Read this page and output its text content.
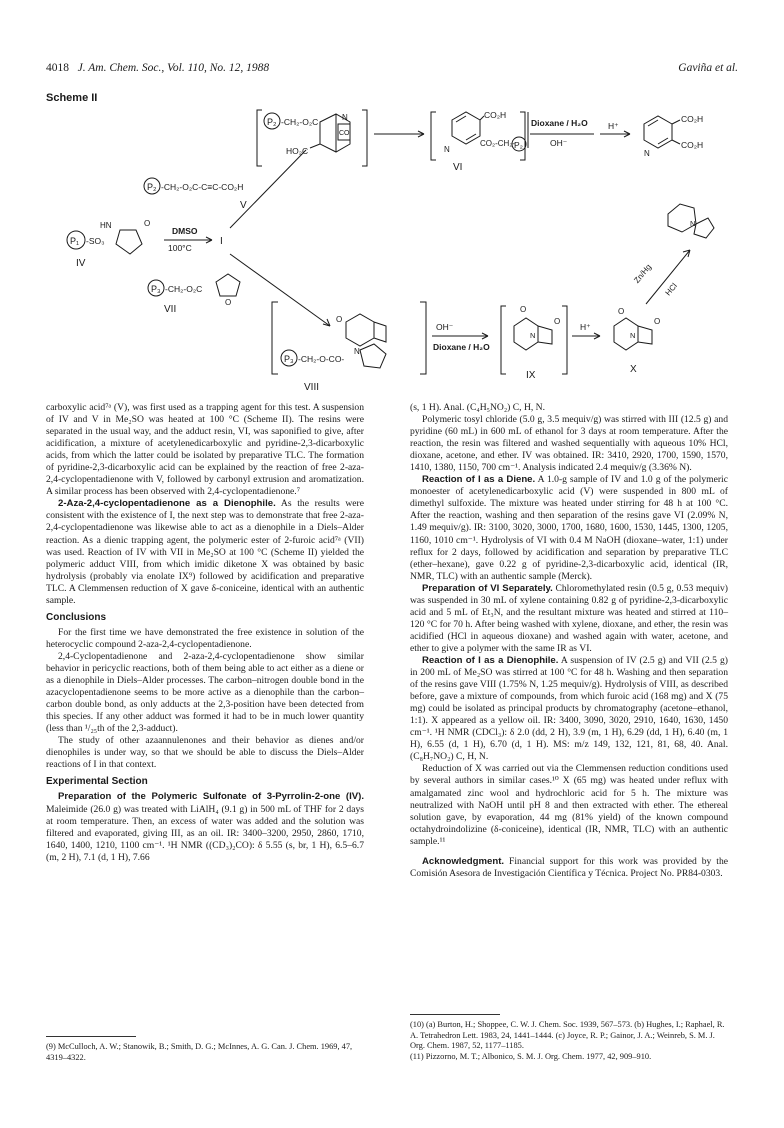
4018 J. Am. Chem. Soc., Vol. 110, No. 12, 1988	Gaviña et al.
Scheme II
P₂ -CH₂-O₂C	N
CO
HO₂C
CO₂H
N
CO₂-CH₂-
P₂
VI
Dioxane / H₂O
OH⁻
H⁺
CO₂H
CO₂H
N
P₂ -CH₂-O₂C-C≡C-CO₂H
V
P₁ -SO₃
HN	O
IV
DMSO
100°C
I
P₃ -CH₂-O₂C
O
VII
O
N
P₃ -CH₂-O-CO-
VIII
OH⁻
Dioxane / H₂O
O
N
O
IX
H⁺
O
N
O
X
Zn/Hg
HCl
N

carboxylic acid⁷ᵃ (V), was first used as a trapping agent for this test. A suspension of IV and V in Me₂SO was heated at 100 °C (Scheme II). The resins were separated in the usual way, and the adduct resin, VI, was saponified to give, after acidification, a mixture of acetylenedicarboxylic and pyridine-2,3-dicarboxylic acids, from which the latter could be isolated by preparative TLC. The formation of pyridine-2,3-dicarboxylic acid can be explained by the reaction of free 2-aza-2,4-cyclopentadienone with V, followed by carbonyl extrusion and aromatization. A similar process has been observed with 2,4-cyclopentadienone.⁷

2-Aza-2,4-cyclopentadienone as a Dienophile. As the results were consistent with the existence of I, the next step was to demonstrate that free 2-aza-2,4-cyclopentadienone was likewise able to act as a dienophile in a Diels–Alder reaction. As a dienic trapping agent, the polymeric ester of 2-furoic acid⁷ᵃ (VII) was used. Reaction of IV with VII in Me₂SO at 100 °C (Scheme II) yielded the polymeric adduct VIII, from which imidic diketone X was obtained by basic hydrolysis (probably via enolate IX⁹) followed by acidification and preparative TLC. A Clemmensen reduction of X gave δ-coniceine, identical with an authentic sample.

Conclusions

For the first time we have demonstrated the free existence in solution of the heterocyclic compound 2-aza-2,4-cyclopentadienone.

2,4-Cyclopentadienone and 2-aza-2,4-cyclopentadienone show similar behavior in pericyclic reactions, both of them being able to act either as a diene or as a dienophile in Diels–Alder processes. The carbon–nitrogen double bond in the azacyclopentadienone seems to be more active as a dienophile than the carbon–carbon double bond, as only adducts at the 2,3-position have been detected from this species. If any other adduct was formed it had to be in much lower quantity (less than ¹/₂₅th of the 2,3-adduct).

The study of other azaannulenones and their behavior as dienes and/or dienophiles is under way, so that we should be able to discuss the Diels–Alder reactions of I in that context.

Experimental Section

Preparation of the Polymeric Sulfonate of 3-Pyrrolin-2-one (IV). Maleimide (26.0 g) was treated with LiAlH₄ (9.1 g) in 500 mL of THF for 2 days at room temperature. Then, an excess of water was added and the solution was filtered and evaporated, giving III, as an oil. IR: 3400–3200, 2950, 2860, 1710, 1640, 1400, 1210, 1100 cm⁻¹. ¹H NMR ((CD₃)₂CO): δ 5.55 (s, br, 1 H), 6.5–6.7 (m, 2 H), 7.1 (d, 1 H), 7.66

(9) McCulloch, A. W.; Stanowik, B.; Smith, D. G.; McInnes, A. G. Can. J. Chem. 1969, 47, 4319–4322.

(s, 1 H). Anal. (C₄H₅NO₂) C, H, N.

Polymeric tosyl chloride (5.0 g, 3.5 mequiv/g) was stirred with III (12.5 g) and pyridine (60 mL) in 600 mL of ethanol for 3 days at room temperature. After the reaction, the resin was filtered and washed sequentially with aqueous 10% HCl, dioxane, acetone, and ether. IV was obtained. IR: 3410, 2920, 1700, 1590, 1570, 1410, 1380, 1150, 700 cm⁻¹. Analysis indicated 2.4 mequiv/g (3.36% N).

Reaction of I as a Diene. A 1.0-g sample of IV and 1.0 g of the polymeric monoester of acetylenedicarboxylic acid (V) were suspended in 800 mL of dimethyl sulfoxide. The mixture was heated under stirring for 48 h at 100 °C. After the reaction, washing and then separation of the resins gave VI (2.09% N, 1.49 mequiv/g). IR: 3100, 3020, 3000, 1700, 1680, 1600, 1530, 1445, 1300, 1205, 1160, 1010 cm⁻¹. Hydrolysis of VI with 0.4 M NaOH (dioxane–water, 1:1) under reflux for 2 days, followed by acidification and separation by preparative TLC (ether–hexane), gave 0.22 g of pyridine-2,3-dicarboxylic acid, identical (IR, NMR, TLC) with an authentic sample (Merck).

Preparation of VI Separately. Chloromethylated resin (0.5 g, 0.53 mequiv) was suspended in 30 mL of xylene containing 0.82 g of pyridine-2,3-dicarboxylic acid and 5 mL of Et₃N, and the resultant mixture was heated and stirred at 110–120 °C for 70 h. After being washed with xylene, dioxane, and ether, the resin was acidified (HCl in aqueous dioxane) and washed again with water, acetone, and ether to give a polymer with the same IR as VI.

Reaction of I as a Dienophile. A suspension of IV (2.5 g) and VII (2.5 g) in 200 mL of Me₂SO was stirred at 100 °C for 48 h. Washing and then separation of the resins gave VIII (1.75% N, 1.25 mequiv/g). Hydrolysis of VIII, as described before, gave a mixture of compounds, from which furoic acid (168 mg) and X (75 mg) could be isolated as principal products by chromatography (acetone–ethanol, 1:1). X appeared as a yellow oil. IR: 3400, 3090, 3020, 2910, 1640, 1630, 1450 cm⁻¹. ¹H NMR (CDCl₃): δ 2.0 (dd, 2 H), 3.9 (m, 1 H), 6.29 (dd, 1 H), 6.40 (m, 1 H), 6.55 (d, 1 H), 6.70 (d, 1 H). MS: m/z 149, 132, 121, 81, 68, 40. Anal. (C₈H₇NO₂) C, H, N.

Reduction of X was carried out via the Clemmensen reduction conditions used by several authors in similar cases.¹⁰ X (65 mg) was heated under reflux with amalgamated zinc wool and hydrochloric acid for 5 h. The mixture was neutralized with NaOH until pH 8 and then extracted with ether. The ethereal solution gave, by evaporation, 44 mg (81% yield) of the known compound octahydroindolizine (δ-coniceine), identical (IR, NMR, TLC) with an authentic sample.¹¹

Acknowledgment. Financial support for this work was provided by the Comisión Asesora de Investigación Científica y Técnica. Project No. PR84-0303.

(10) (a) Burton, H.; Shoppee, C. W. J. Chem. Soc. 1939, 567–573. (b) Hughes, I.; Raphael, R. A. Tetrahedron Lett. 1983, 24, 1441–1444. (c) Joyce, R. P.; Gainor, J. A.; Weinreb, S. M. J. Org. Chem. 1987, 52, 1177–1185.
(11) Pizzorno, M. T.; Albonico, S. M. J. Org. Chem. 1977, 42, 909–910.
